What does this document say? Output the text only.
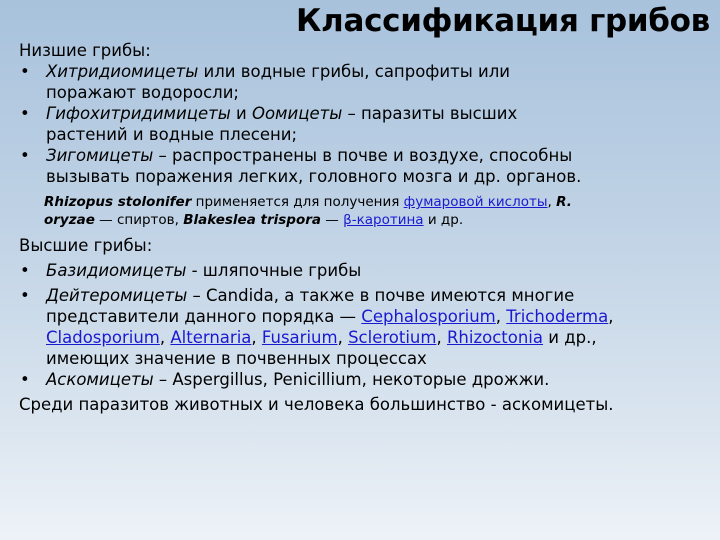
Классификация грибов
Низшие грибы:
• Хитридиомицеты или водные грибы, сапрофиты или
поражают водоросли;
• Гифохитридимицеты и Оомицеты – паразиты высших
растений и водные плесени;
• Зигомицеты – распространены в почве и воздухе, способны
вызывать поражения легких, головного мозга и др. органов.
Rhizopus stolonifer применяется для получения фумаровой кислоты, R.
oryzae — спиртов, Blakeslea trispora — β-каротина и др.
Высшие грибы:
• Базидиомицеты - шляпочные грибы
• Дейтеромицеты – Candida, а также в почве имеются многие
представители данного порядка — Cephalosporium, Trichoderma,
Cladosporium, Alternaria, Fusarium, Sclerotium, Rhizoctonia и др.,
имеющих значение в почвенных процессах
• Аскомицеты – Aspergillus, Penicillium, некоторые дрожжи.
Среди паразитов животных и человека большинство - аскомицеты.
